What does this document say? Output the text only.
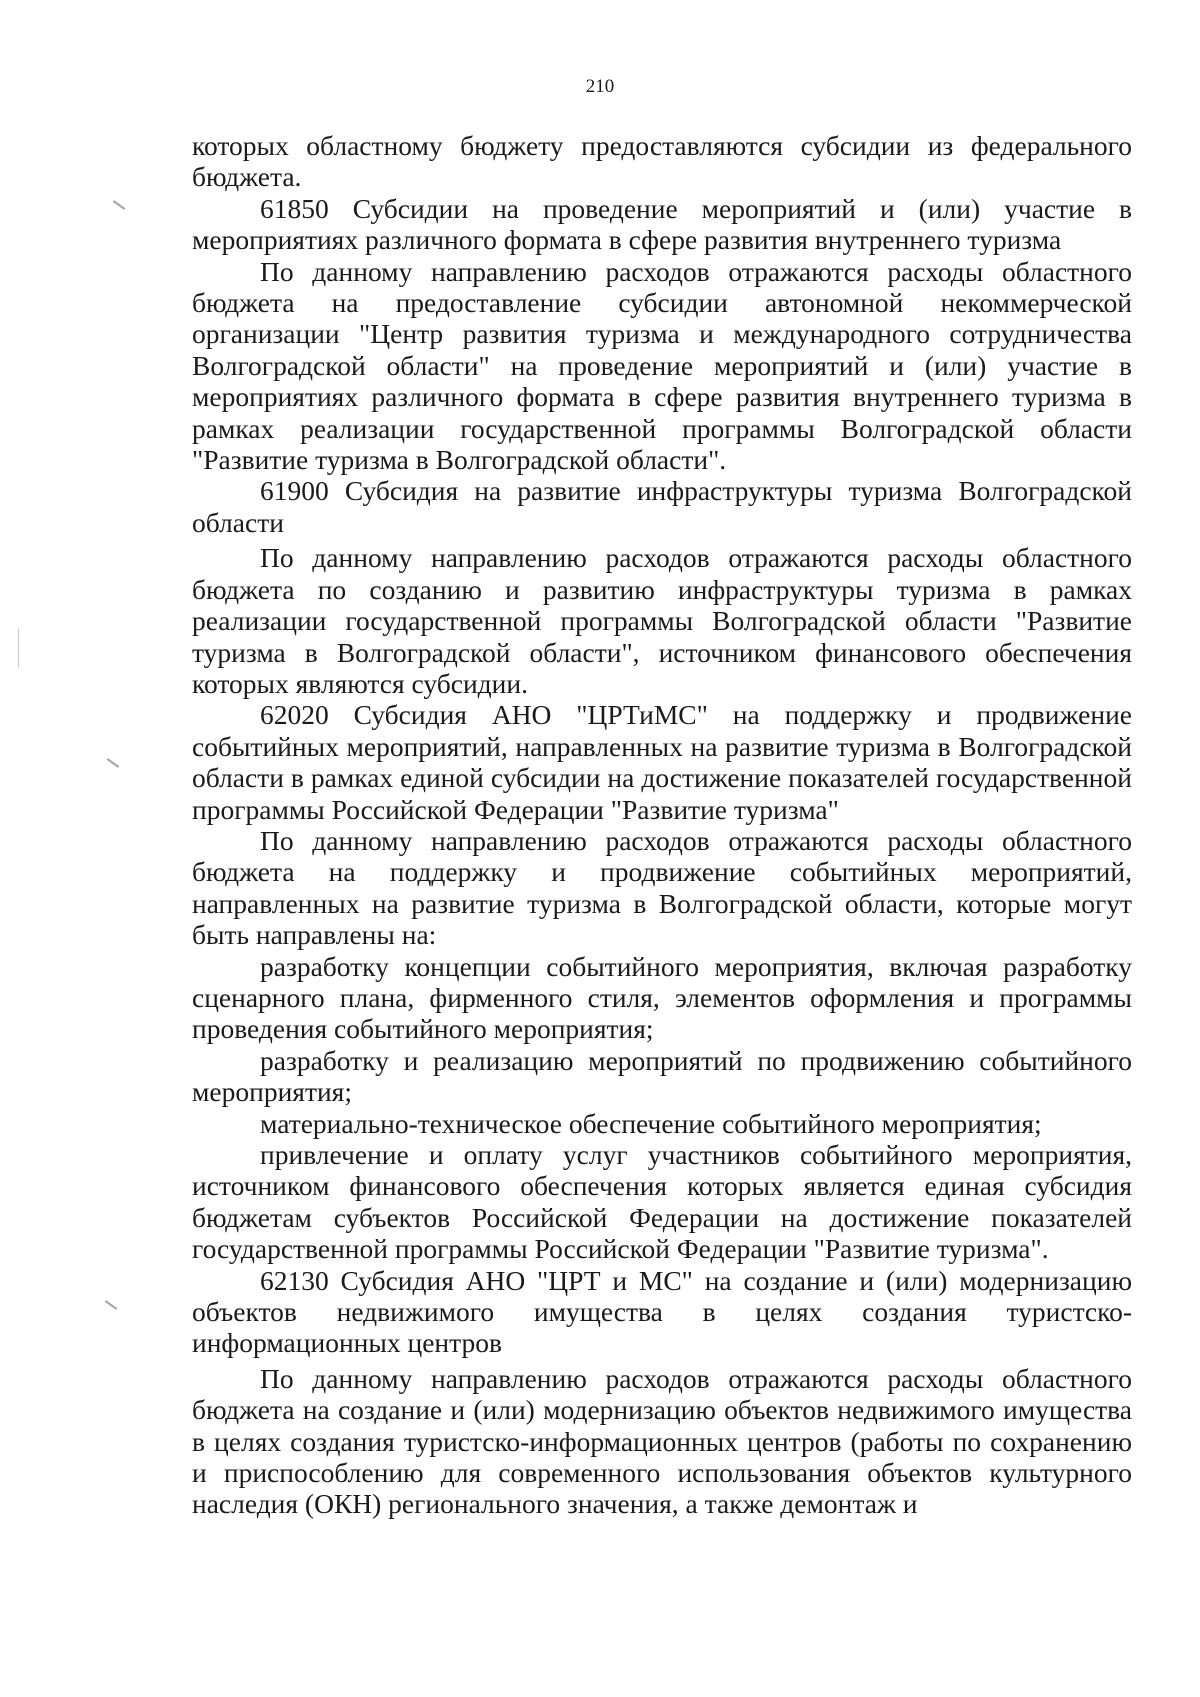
210

которых областному бюджету предоставляются субсидии из федерального бюджета.

61850 Субсидии на проведение мероприятий и (или) участие в мероприятиях различного формата в сфере развития внутреннего туризма

По данному направлению расходов отражаются расходы областного бюджета на предоставление субсидии автономной некоммерческой организации "Центр развития туризма и международного сотрудничества Волгоградской области" на проведение мероприятий и (или) участие в мероприятиях различного формата в сфере развития внутреннего туризма в рамках реализации государственной программы Волгоградской области "Развитие туризма в Волгоградской области".

61900 Субсидия на развитие инфраструктуры туризма Волгоградской области

По данному направлению расходов отражаются расходы областного бюджета по созданию и развитию инфраструктуры туризма в рамках реализации государственной программы Волгоградской области "Развитие туризма в Волгоградской области", источником финансового обеспечения которых являются субсидии.

62020 Субсидия АНО "ЦРТиМС" на поддержку и продвижение событийных мероприятий, направленных на развитие туризма в Волгоградской области в рамках единой субсидии на достижение показателей государственной программы Российской Федерации "Развитие туризма"

По данному направлению расходов отражаются расходы областного бюджета на поддержку и продвижение событийных мероприятий, направленных на развитие туризма в Волгоградской области, которые могут быть направлены на:

разработку концепции событийного мероприятия, включая разработку сценарного плана, фирменного стиля, элементов оформления и программы проведения событийного мероприятия;

разработку и реализацию мероприятий по продвижению событийного мероприятия;

материально-техническое обеспечение событийного мероприятия;

привлечение и оплату услуг участников событийного мероприятия, источником финансового обеспечения которых является единая субсидия бюджетам субъектов Российской Федерации на достижение показателей государственной программы Российской Федерации "Развитие туризма".

62130 Субсидия АНО "ЦРТ и МС" на создание и (или) модернизацию объектов недвижимого имущества в целях создания туристско-информационных центров

По данному направлению расходов отражаются расходы областного бюджета на создание и (или) модернизацию объектов недвижимого имущества в целях создания туристско-информационных центров (работы по сохранению и приспособлению для современного использования объектов культурного наследия (ОКН) регионального значения, а также демонтаж и
